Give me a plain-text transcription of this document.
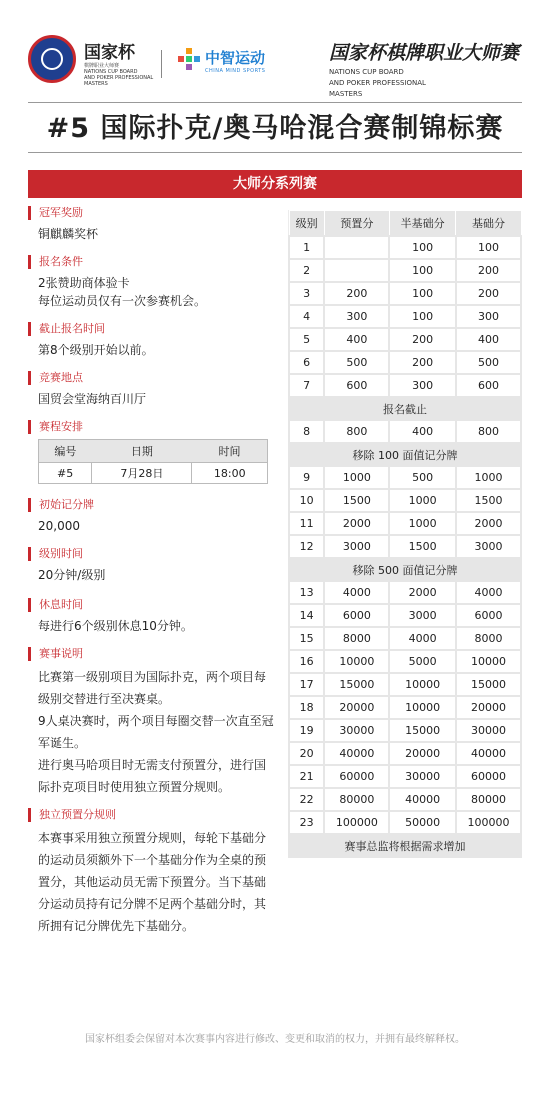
国家杯
棋牌职业大师赛
NATIONS CUP BOARD
AND POKER PROFESSIONAL
MASTERS
中智运动
CHINA MIND SPORTS
国家杯棋牌职业大师赛
NATIONS CUP BOARD
AND POKER PROFESSIONAL
MASTERS
#5 国际扑克/奥马哈混合赛制锦标赛
大师分系列赛
冠军奖励
铜麒麟奖杯
报名条件

2张赞助商体验卡

每位运动员仅有一次参赛机会。

截止报名时间
第8个级别开始以前。
竞赛地点
国贸会堂海纳百川厅
赛程安排
编号	日期	时间
#5	7月28日	18:00
初始记分牌
20,000
级别时间
20分钟/级别
休息时间
每进行6个级别休息10分钟。
赛事说明

比赛第一级别项目为国际扑克，两个项目每级别交替进行至决赛桌。

9人桌决赛时，两个项目每圈交替一次直至冠军诞生。

进行奥马哈项目时无需支付预置分，进行国际扑克项目时使用独立预置分规则。

独立预置分规则
本赛事采用独立预置分规则，每轮下基础分的运动员须额外下一个基础分作为全桌的预置分，其他运动员无需下预置分。当下基础分运动员持有记分牌不足两个基础分时，其所拥有记分牌优先下基础分。
级别	预置分	半基础分	基础分
1		100	100
2		100	200
3	200	100	200
4	300	100	300
5	400	200	400
6	500	200	500
7	600	300	600
报名截止			
8	800	400	800
移除 100 面值记分牌			
9	1000	500	1000
10	1500	1000	1500
11	2000	1000	2000
12	3000	1500	3000
移除 500 面值记分牌			
13	4000	2000	4000
14	6000	3000	6000
15	8000	4000	8000
16	10000	5000	10000
17	15000	10000	15000
18	20000	10000	20000
19	30000	15000	30000
20	40000	20000	40000
21	60000	30000	60000
22	80000	40000	80000
23	100000	50000	100000
赛事总监将根据需求增加			
国家杯组委会保留对本次赛事内容进行修改、变更和取消的权力，并拥有最终解释权。
